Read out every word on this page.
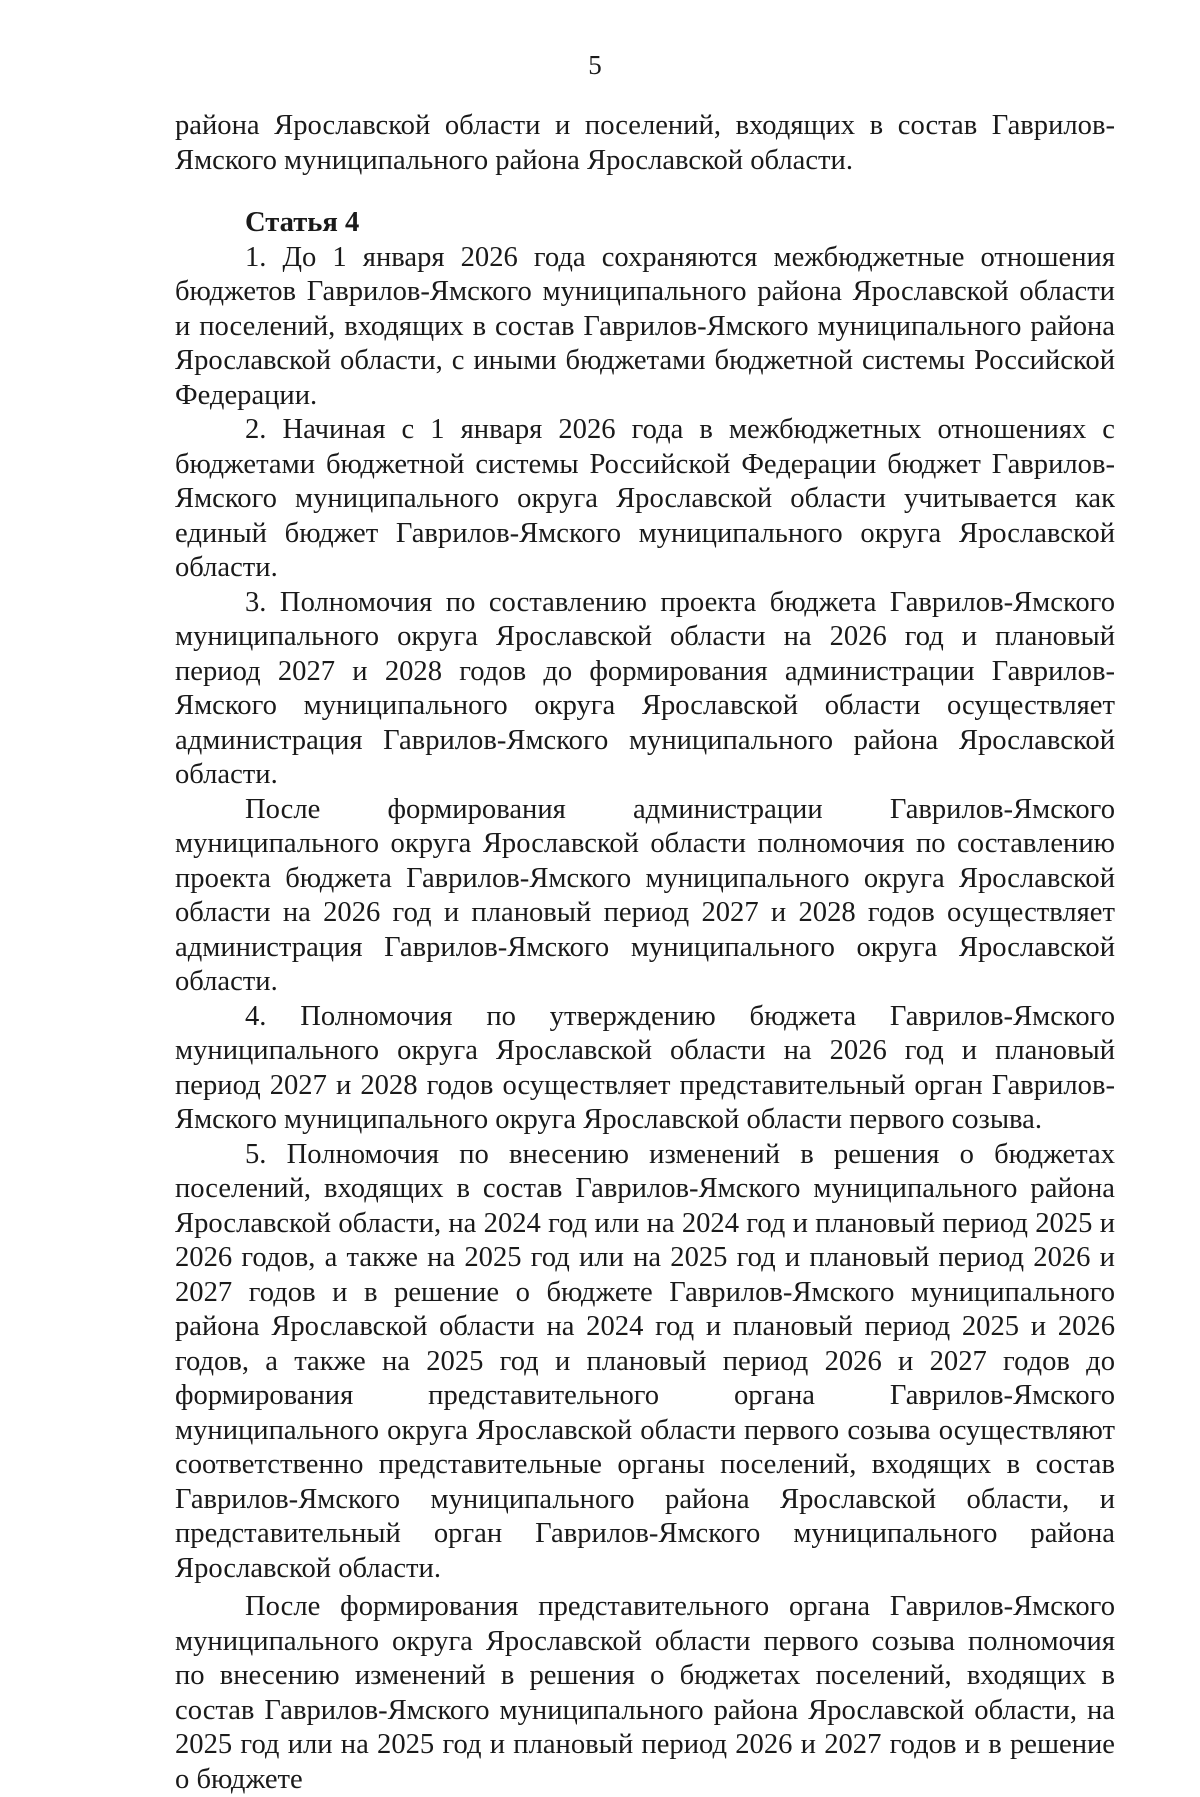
5

района Ярославской области и поселений, входящих в состав Гаврилов-Ямского муниципального района Ярославской области.

Статья 4

1. До 1 января 2026 года сохраняются межбюджетные отношения бюджетов Гаврилов-Ямского муниципального района Ярославской области и поселений, входящих в состав Гаврилов-Ямского муниципального района Ярославской области, с иными бюджетами бюджетной системы Российской Федерации.

2. Начиная с 1 января 2026 года в межбюджетных отношениях с бюджетами бюджетной системы Российской Федерации бюджет Гаврилов-Ямского муниципального округа Ярославской области учитывается как единый бюджет Гаврилов-Ямского муниципального округа Ярославской области.

3. Полномочия по составлению проекта бюджета Гаврилов-Ямского муниципального округа Ярославской области на 2026 год и плановый период 2027 и 2028 годов до формирования администрации Гаврилов-Ямского муниципального округа Ярославской области осуществляет администрация Гаврилов-Ямского муниципального района Ярославской области.

После формирования администрации Гаврилов-Ямского муниципального округа Ярославской области полномочия по составлению проекта бюджета Гаврилов-Ямского муниципального округа Ярославской области на 2026 год и плановый период 2027 и 2028 годов осуществляет администрация Гаврилов-Ямского муниципального округа Ярославской области.

4. Полномочия по утверждению бюджета Гаврилов-Ямского муниципального округа Ярославской области на 2026 год и плановый период 2027 и 2028 годов осуществляет представительный орган Гаврилов-Ямского муниципального округа Ярославской области первого созыва.

5. Полномочия по внесению изменений в решения о бюджетах поселений, входящих в состав Гаврилов-Ямского муниципального района Ярославской области, на 2024 год или на 2024 год и плановый период 2025 и 2026 годов, а также на 2025 год или на 2025 год и плановый период 2026 и 2027 годов и в решение о бюджете Гаврилов-Ямского муниципального района Ярославской области на 2024 год и плановый период 2025 и 2026 годов, а также на 2025 год и плановый период 2026 и 2027 годов до формирования представительного органа Гаврилов-Ямского муниципального округа Ярославской области первого созыва осуществляют соответственно представительные органы поселений, входящих в состав Гаврилов-Ямского муниципального района Ярославской области, и представительный орган Гаврилов-Ямского муниципального района Ярославской области.

После формирования представительного органа Гаврилов-Ямского муниципального округа Ярославской области первого созыва полномочия по внесению изменений в решения о бюджетах поселений, входящих в состав Гаврилов-Ямского муниципального района Ярославской области, на 2025 год или на 2025 год и плановый период 2026 и 2027 годов и в решение о бюджете
